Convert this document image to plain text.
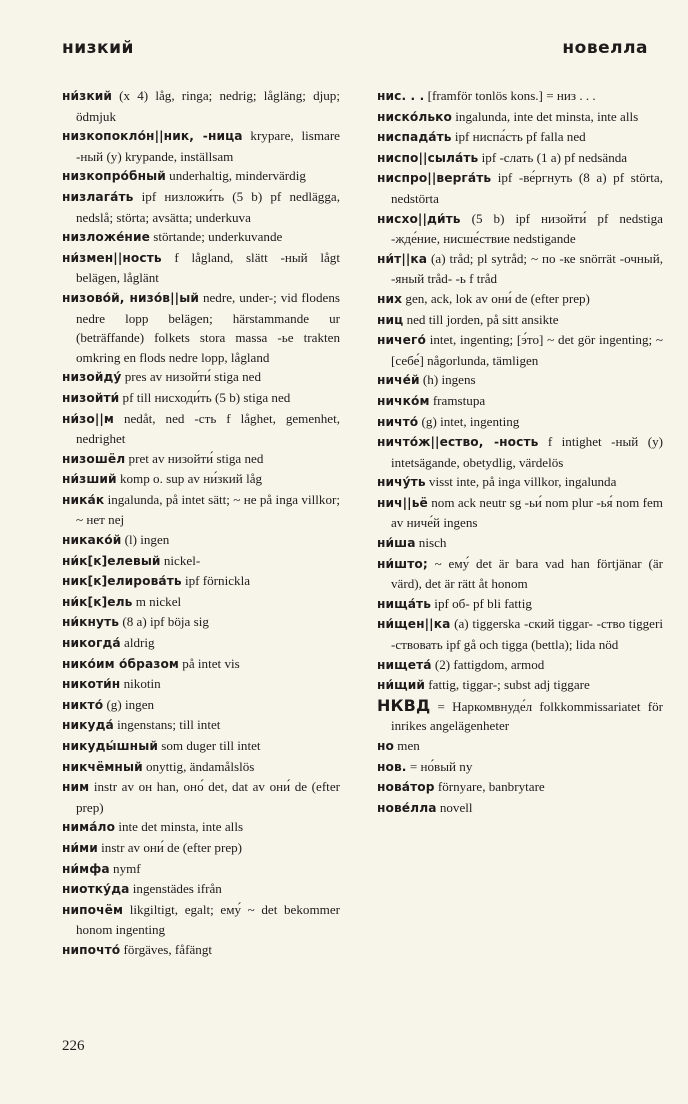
низкий	новелла

ни́зкий (x 4) låg, ringa; nedrig; lågläng; djup; ödmjuk

низкопокло́н||ник, -ница krypare, lismare -ный (y) krypande, inställsam

низкопро́бный underhaltig, mindervärdig

низлага́ть ipf низложи́ть (5 b) pf nedlägga, nedslå; störta; avsätta; underkuva

низложе́ние störtande; underkuvande

ни́змен||ность f lågland, slätt -ный lågt belägen, låglänt

низово́й, низо́в||ый nedre, under-; vid flodens nedre lopp belägen; härstammande ur (beträffande) folkets stora massa -ье trakten omkring en flods nedre lopp, lågland

низойду́ pres av низойти́ stiga ned

низойти́ pf till нисходи́ть (5 b) stiga ned

ни́зо||м nedåt, ned -сть f låghet, gemenhet, nedrighet

низошёл pret av низойти́ stiga ned

ни́зший komp o. sup av ни́зкий låg

ника́к ingalunda, på intet sätt; ~ не på inga villkor; ~ нет nej

никако́й (l) ingen

ни́к[к]елевый nickel-

ник[к]елирова́ть ipf förnickla

ни́к[к]ель m nickel

ни́кнуть (8 a) ipf böja sig

никогда́ aldrig

нико́им о́бразом på intet vis

никоти́н nikotin

никто́ (g) ingen

никуда́ ingenstans; till intet

никуды́шный som duger till intet

никчёмный onyttig, ändamålslös

ним instr av он han, оно́ det, dat av они́ de (efter prep)

нима́ло inte det minsta, inte alls

ни́ми instr av они́ de (efter prep)

ни́мфа nymf

ниотку́да ingenstädes ifrån

нипочём likgiltigt, egalt; ему́ ~ det bekommer honom ingenting

нипочто́ förgäves, fåfängt

нис. . . [framför tonlös kons.] = низ . . .

ниско́лько ingalunda, inte det minsta, inte alls

ниспада́ть ipf ниспа́сть pf falla ned

ниспо||сыла́ть ipf -слать (1 a) pf nedsända

ниспро||верга́ть ipf -ве́ргнуть (8 a) pf störta, nedstörta

нисхо||ди́ть (5 b) ipf низойти́ pf nedstiga -жде́ние, нисше́ствие nedstigande

ни́т||ка (a) tråd; pl sytråd; ~ по -ке snörrät -очный, -яный tråd- -ь f tråd

них gen, ack, lok av они́ de (efter prep)

ниц ned till jorden, på sitt ansikte

ничего́ intet, ingenting; [э́то] ~ det gör ingenting; ~ [себе́] någorlunda, tämligen

ниче́й (h) ingens

ничко́м framstupa

ничто́ (g) intet, ingenting

ничто́ж||ество, -ность f intighet -ный (y) intetsägande, obetydlig, värdelös

ничу́ть visst inte, på inga villkor, ingalunda

нич||ьё nom ack neutr sg -ьи́ nom plur -ья́ nom fem av ниче́й ingens

ни́ша nisch

ни́што; ~ ему́ det är bara vad han förtjänar (är värd), det är rätt åt honom

нища́ть ipf об- pf bli fattig

ни́щен||ка (a) tiggerska -ский tiggar- -ство tiggeri -ствовать ipf gå och tigga (bettla); lida nöd

нищета́ (2) fattigdom, armod

ни́щий fattig, tiggar-; subst adj tiggare

НКВД = Наркомвнуде́л folkkommissariatet för inrikes angelägenheter

но men

нов. = но́вый ny

нова́тор förnyare, banbrytare

нове́лла novell

226
